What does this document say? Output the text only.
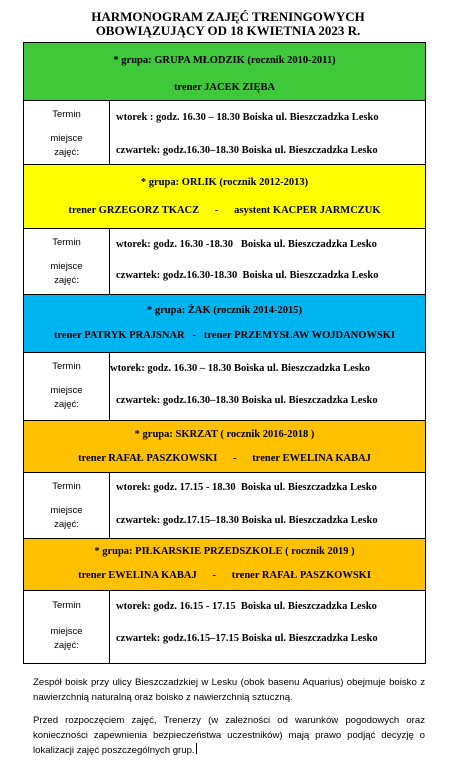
HARMONOGRAM ZAJĘĆ TRENINGOWYCH
OBOWIĄZUJĄCY OD 18 KWIETNIA 2023 R.
* grupa: GRUPA MŁODZIK (rocznik 2010-2011)
trener JACEK ZIĘBA
Termin
miejsce
zajęć:
wtorek : godz. 16.30 – 18.30 Boiska ul. Bieszczadzka Lesko
czwartek: godz.16.30–18.30 Boiska ul. Bieszczadzka Lesko
* grupa: ORLIK (rocznik 2012-2013)
trener GRZEGORZ TKACZ      -      asystent KACPER JARMCZUK
Termin
miejsce
zajęć:
wtorek: godz. 16.30 -18.30   Boiska ul. Bieszczadzka Lesko
czwartek: godz.16.30-18.30  Boiska ul. Bieszczadzka Lesko
* grupa: ŻAK (rocznik 2014-2015)
trener PATRYK PRAJSNAR   -   trener PRZEMYSŁAW WOJDANOWSKI
Termin
miejsce
zajęć:
wtorek: godz. 16.30 – 18.30 Boiska ul. Bieszczadzka Lesko
czwartek: godz.16.30–18.30 Boiska ul. Bieszczadzka Lesko
* grupa: SKRZAT ( rocznik 2016-2018 )
trener RAFAŁ PASZKOWSKI      -      trener EWELINA KABAJ
Termin
miejsce
zajęć:
wtorek: godz. 17.15 - 18.30  Boiska ul. Bieszczadzka Lesko
czwartek: godz.17.15–18.30 Boiska ul. Bieszczadzka Lesko
* grupa: PIŁKARSKIE PRZEDSZKOLE ( rocznik 2019 )
trener EWELINA KABAJ      -      trener RAFAŁ PASZKOWSKI
Termin
miejsce
zajęć:
wtorek: godz. 16.15 - 17.15  Boiska ul. Bieszczadzka Lesko
czwartek: godz.16.15–17.15 Boiska ul. Bieszczadzka Lesko
Zespół boisk przy ulicy Bieszczadzkiej w Lesku (obok basenu Aquarius) obejmuje boisko z nawierzchnią naturalną oraz boisko z nawierzchnią sztuczną.
Przed rozpoczęciem zajęć, Trenerzy (w zależności od warunków pogodowych oraz konieczności zapewnienia bezpieczeństwa uczestników) mają prawo podjąć decyzję o lokalizacji zajęć poszczególnych grup.
